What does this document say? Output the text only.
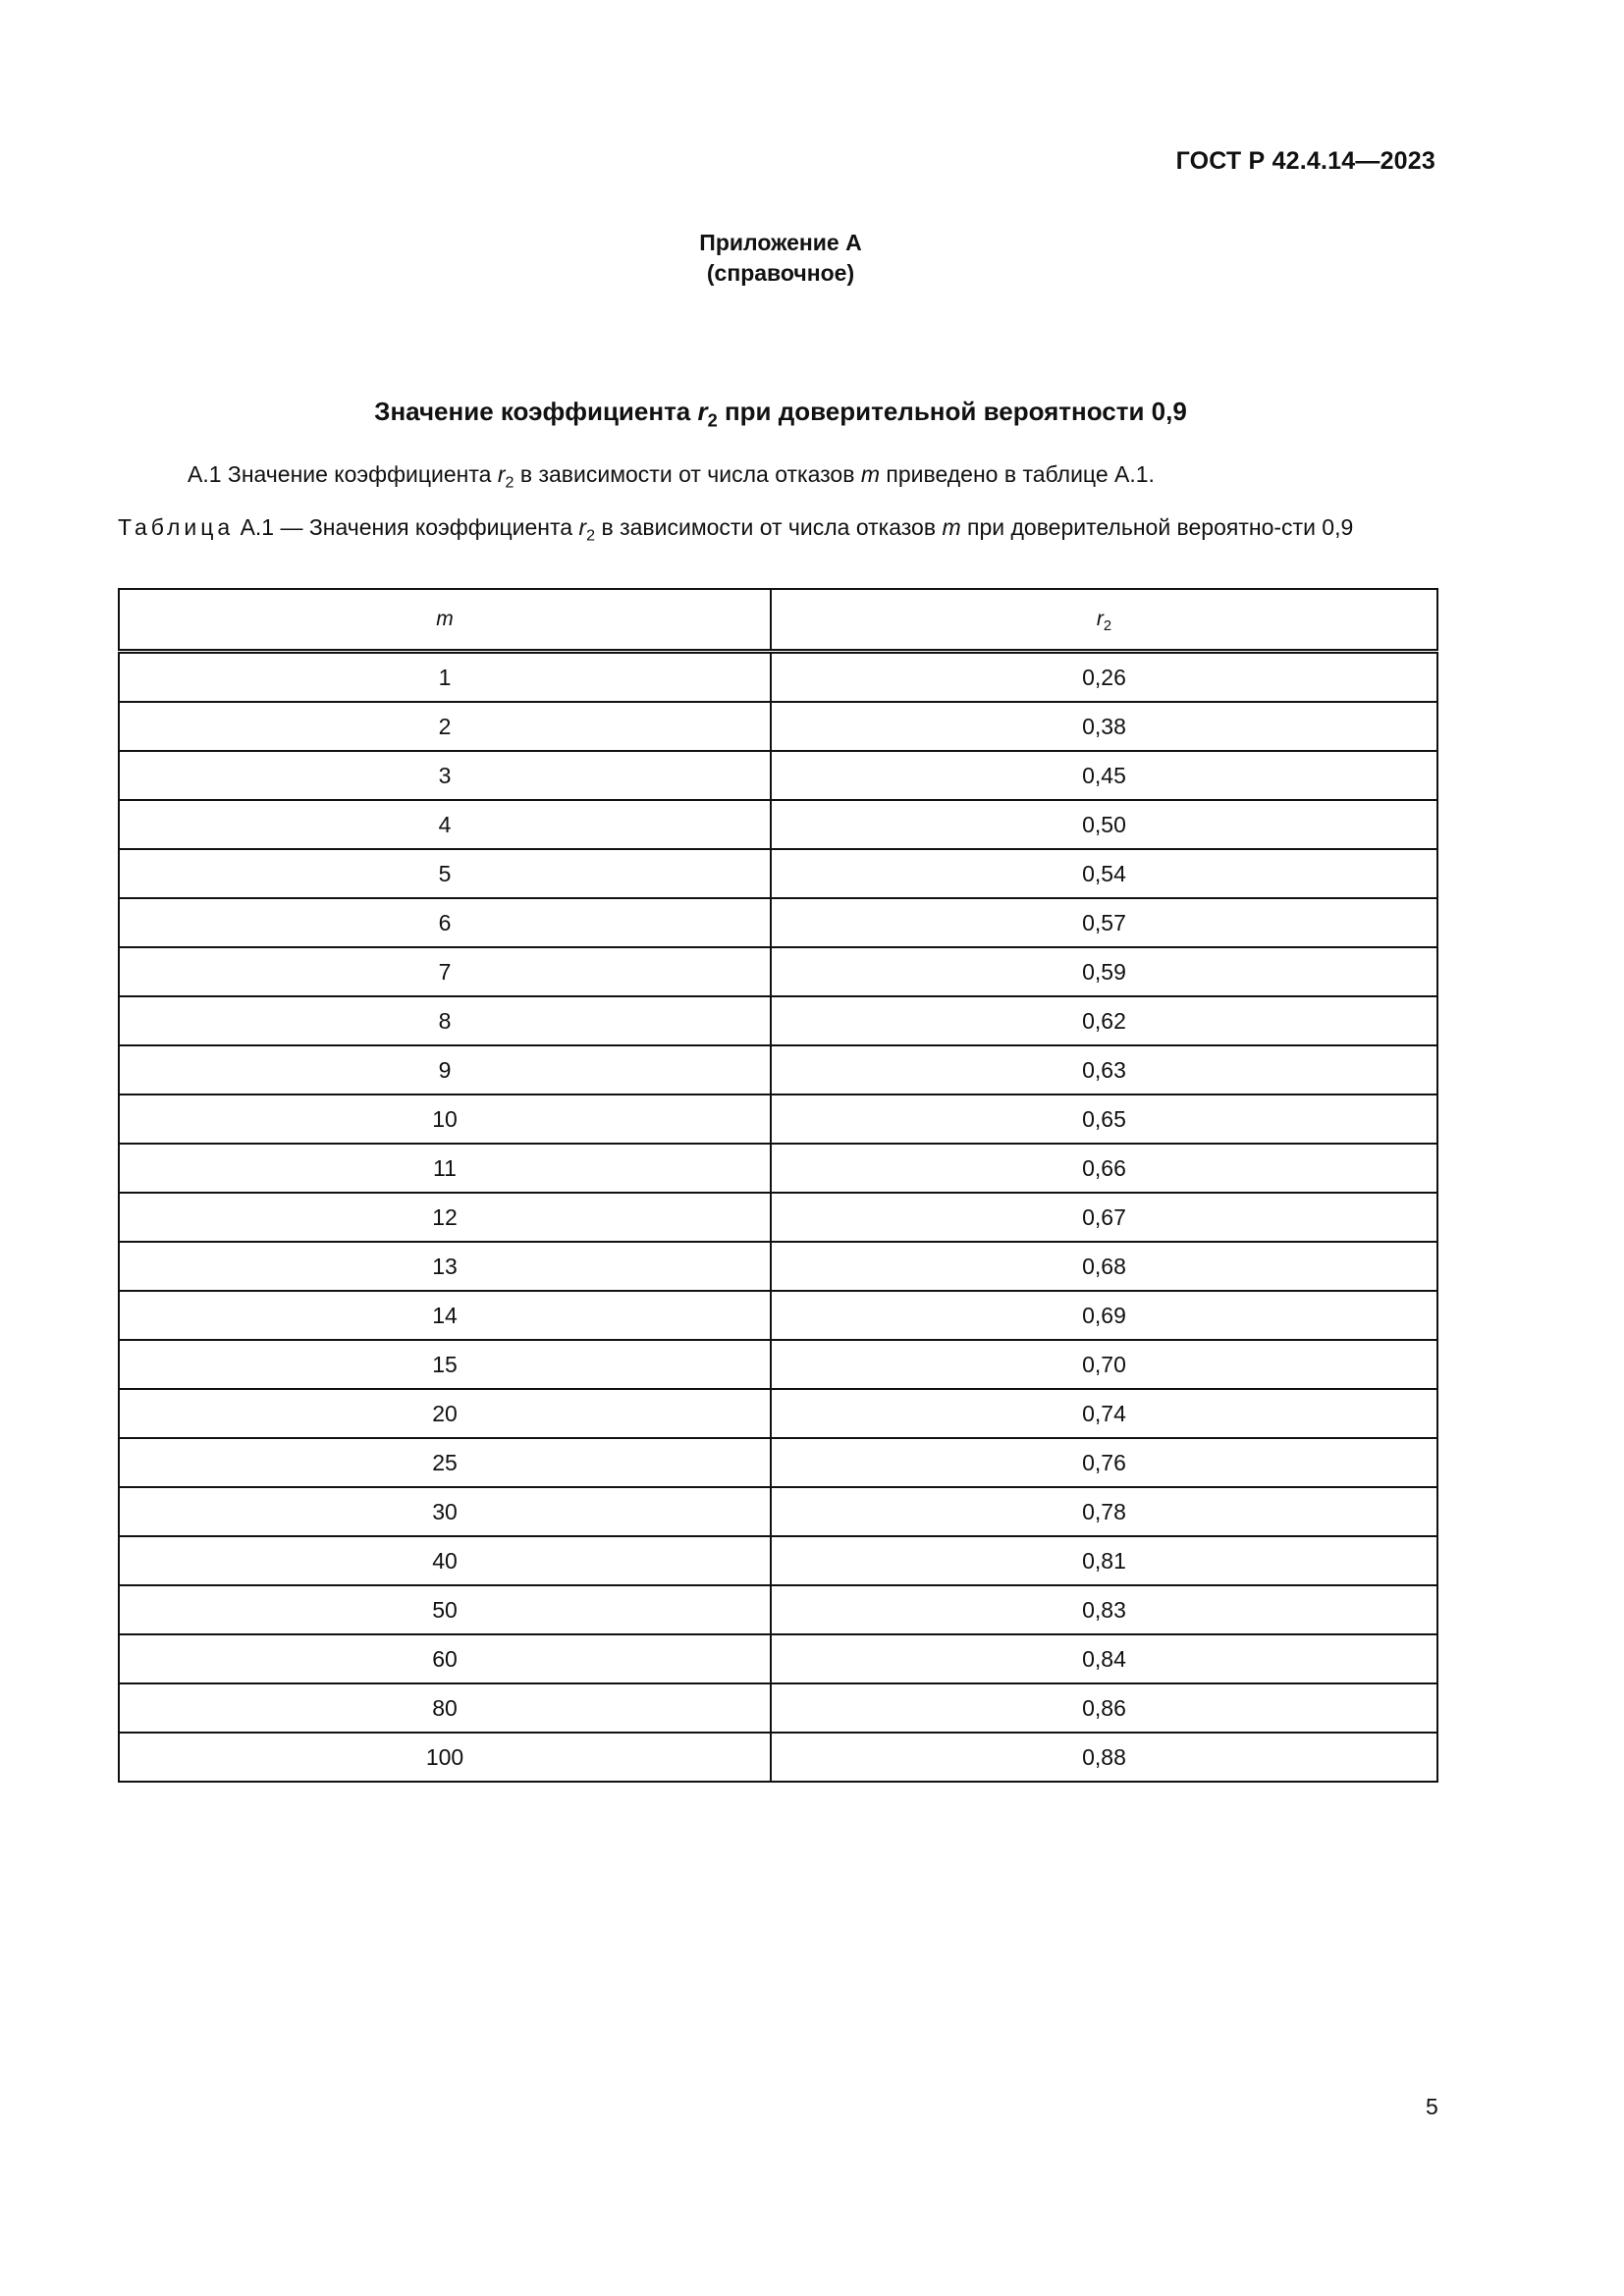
ГОСТ Р 42.4.14—2023
Приложение А
(справочное)
Значение коэффициента $r_2$ при доверительной вероятности 0,9
А.1 Значение коэффициента $r_2$ в зависимости от числа отказов m приведено в таблице А.1.
Таблица А.1 — Значения коэффициента $r_2$ в зависимости от числа отказов m при доверительной вероятно-сти 0,9
m	$r_2$
1	0,26
2	0,38
3	0,45
4	0,50
5	0,54
6	0,57
7	0,59
8	0,62
9	0,63
10	0,65
11	0,66
12	0,67
13	0,68
14	0,69
15	0,70
20	0,74
25	0,76
30	0,78
40	0,81
50	0,83
60	0,84
80	0,86
100	0,88
5
